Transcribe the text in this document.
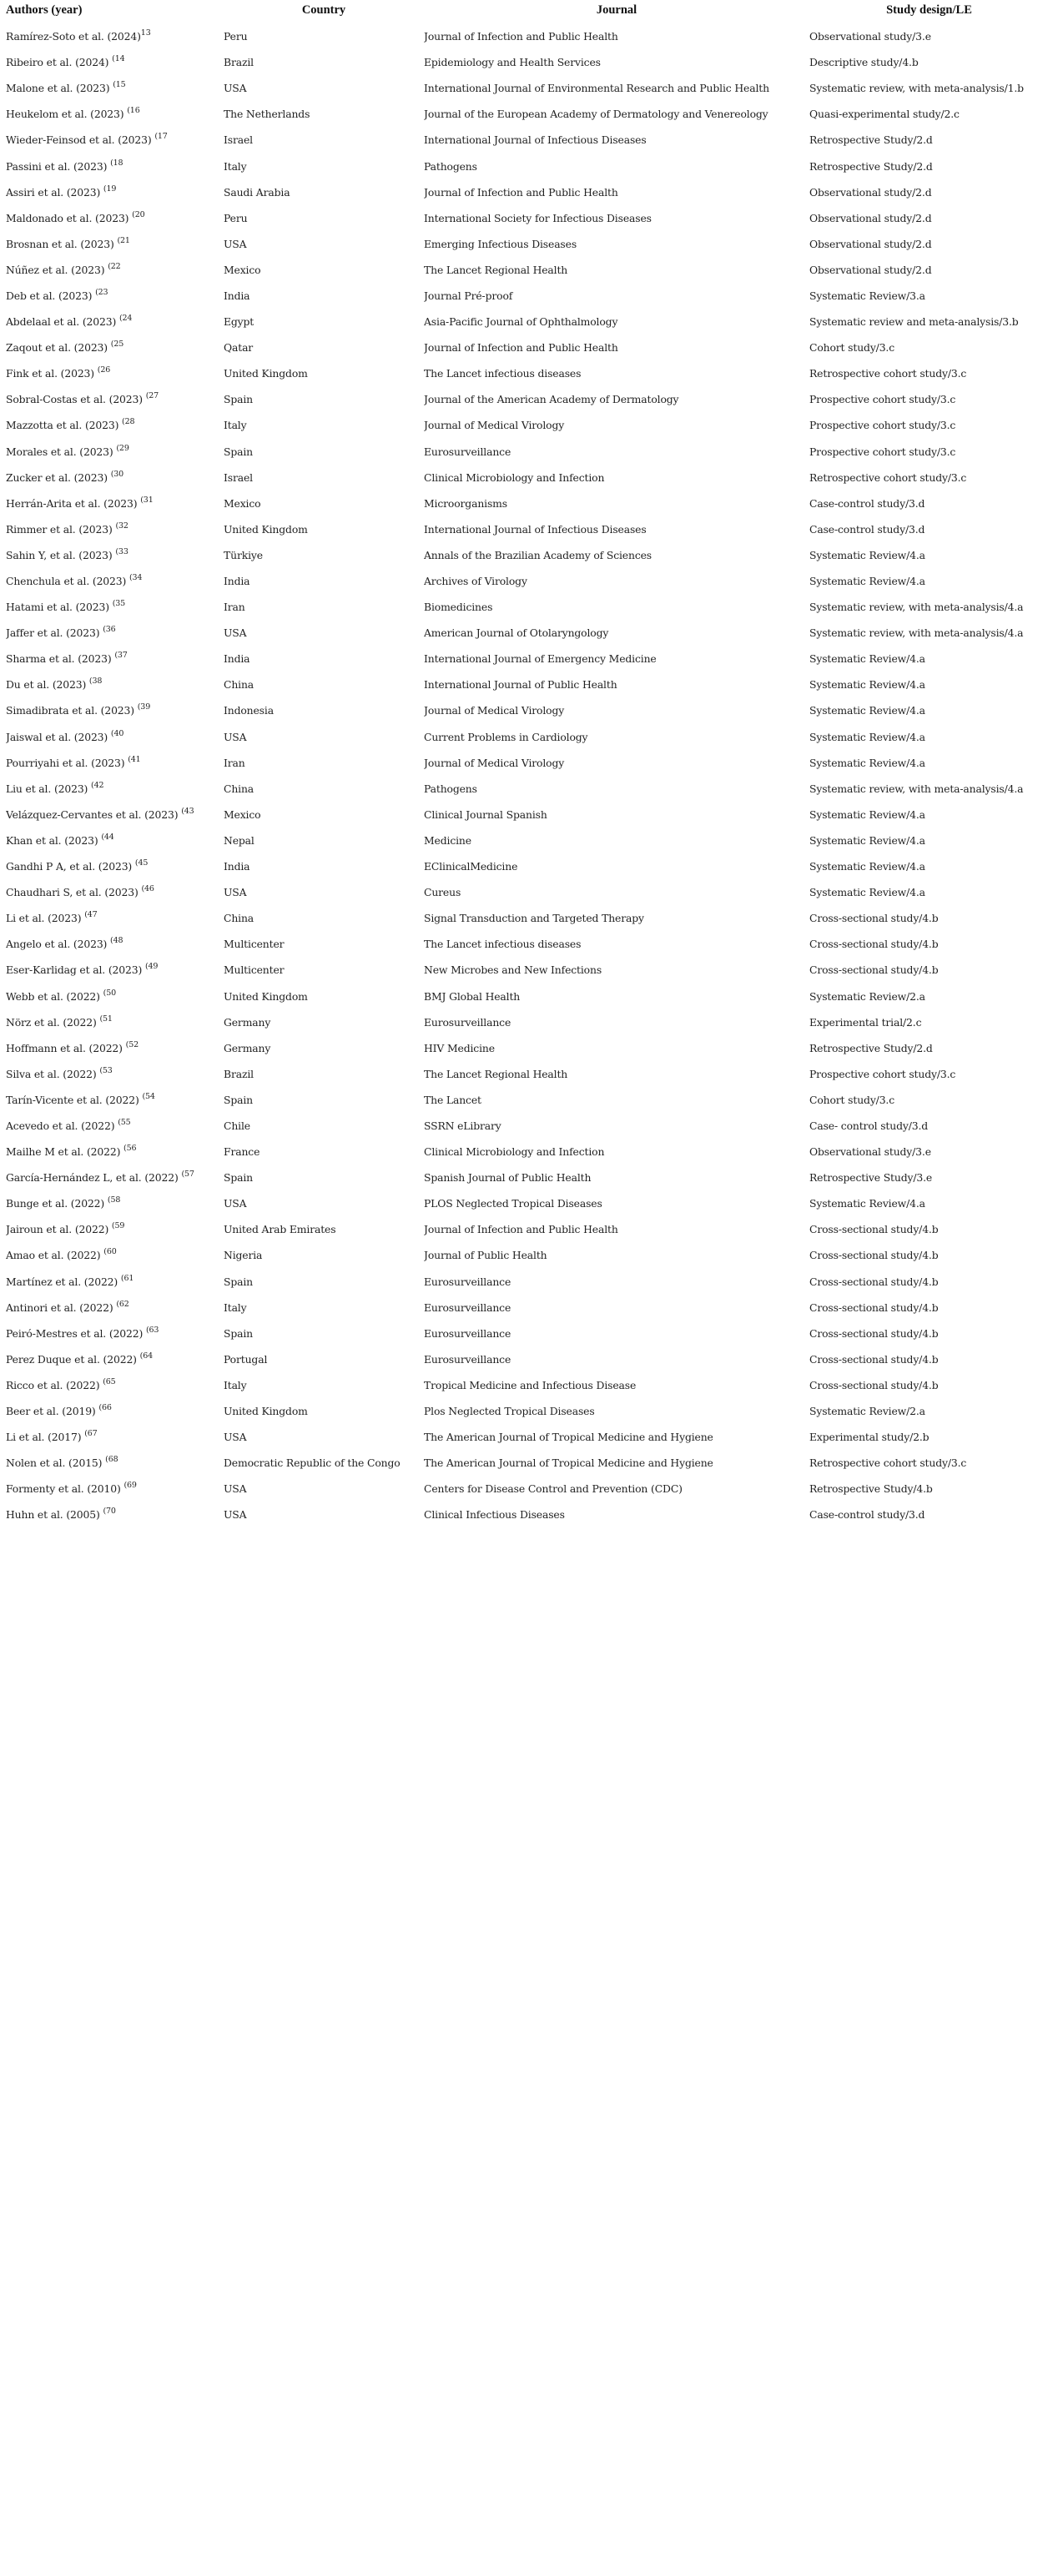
Authors (year)	Country	Journal	Study design/LE
Ramírez-Soto et al. $(2024)^{13}$	Peru	Journal of Infection and Public Health	Observational study/3.e
Ribeiro et al. (2024) $^{(14}$	Brazil	Epidemiology and Health Services	Descriptive study/4.b
Malone et al. (2023) $^{(15}$	USA	International Journal of Environmental Research and Public Health	Systematic review, with meta-analysis/1.b
Heukelom et al. (2023) $^{(16}$	The Netherlands	Journal of the European Academy of Dermatology and Venereology	Quasi-experimental study/2.c
Wieder-Feinsod et al. (2023) $^{(17}$	Israel	International Journal of Infectious Diseases	Retrospective Study/2.d
Passini et al. (2023) $^{(18}$	Italy	Pathogens	Retrospective Study/2.d
Assiri et al. (2023) $^{(19}$	Saudi Arabia	Journal of Infection and Public Health	Observational study/2.d
Maldonado et al. (2023) $^{(20}$	Peru	International Society for Infectious Diseases	Observational study/2.d
Brosnan et al. (2023) $^{(21}$	USA	Emerging Infectious Diseases	Observational study/2.d
Núñez et al. (2023) $^{(22}$	Mexico	The Lancet Regional Health	Observational study/2.d
Deb et al. (2023) $^{(23}$	India	Journal Pré-proof	Systematic Review/3.a
Abdelaal et al. (2023) $^{(24}$	Egypt	Asia-Pacific Journal of Ophthalmology	Systematic review and meta-analysis/3.b
Zaqout et al. (2023) $^{(25}$	Qatar	Journal of Infection and Public Health	Cohort study/3.c
Fink et al. (2023) $^{(26}$	United Kingdom	The Lancet infectious diseases	Retrospective cohort study/3.c
Sobral-Costas et al. (2023) $^{(27}$	Spain	Journal of the American Academy of Dermatology	Prospective cohort study/3.c
Mazzotta et al. (2023) $^{(28}$	Italy	Journal of Medical Virology	Prospective cohort study/3.c
Morales et al. (2023) $^{(29}$	Spain	Eurosurveillance	Prospective cohort study/3.c
Zucker et al. (2023) $^{(30}$	Israel	Clinical Microbiology and Infection	Retrospective cohort study/3.c
Herrán-Arita et al. (2023) $^{(31}$	Mexico	Microorganisms	Case-control study/3.d
Rimmer et al. (2023) $^{(32}$	United Kingdom	International Journal of Infectious Diseases	Case-control study/3.d
Sahin Y, et al. (2023) $^{(33}$	Türkiye	Annals of the Brazilian Academy of Sciences	Systematic Review/4.a
Chenchula et al. (2023) $^{(34}$	India	Archives of Virology	Systematic Review/4.a
Hatami et al. (2023) $^{(35}$	Iran	Biomedicines	Systematic review, with meta-analysis/4.a
Jaffer et al. (2023) $^{(36}$	USA	American Journal of Otolaryngology	Systematic review, with meta-analysis/4.a
Sharma et al. (2023) $^{(37}$	India	International Journal of Emergency Medicine	Systematic Review/4.a
Du et al. (2023) $^{(38}$	China	International Journal of Public Health	Systematic Review/4.a
Simadibrata et al. (2023) $^{(39}$	Indonesia	Journal of Medical Virology	Systematic Review/4.a
Jaiswal et al. (2023) $^{(40}$	USA	Current Problems in Cardiology	Systematic Review/4.a
Pourriyahi et al. (2023) $^{(41}$	Iran	Journal of Medical Virology	Systematic Review/4.a
Liu et al. (2023) $^{(42}$	China	Pathogens	Systematic review, with meta-analysis/4.a
Velázquez-Cervantes et al. (2023) $^{(43}$	Mexico	Clinical Journal Spanish	Systematic Review/4.a
Khan et al. (2023) $^{(44}$	Nepal	Medicine	Systematic Review/4.a
Gandhi P A, et al. (2023) $^{(45}$	India	EClinicalMedicine	Systematic Review/4.a
Chaudhari S, et al. (2023) $^{(46}$	USA	Cureus	Systematic Review/4.a
Li et al. (2023) $^{(47}$	China	Signal Transduction and Targeted Therapy	Cross-sectional study/4.b
Angelo et al. (2023) $^{(48}$	Multicenter	The Lancet infectious diseases	Cross-sectional study/4.b
Eser-Karlidag et al. (2023) $^{(49}$	Multicenter	New Microbes and New Infections	Cross-sectional study/4.b
Webb et al. (2022) $^{(50}$	United Kingdom	BMJ Global Health	Systematic Review/2.a
Nörz et al. (2022) $^{(51}$	Germany	Eurosurveillance	Experimental trial/2.c
Hoffmann et al. (2022) $^{(52}$	Germany	HIV Medicine	Retrospective Study/2.d
Silva et al. (2022) $^{(53}$	Brazil	The Lancet Regional Health	Prospective cohort study/3.c
Tarín-Vicente et al. (2022) $^{(54}$	Spain	The Lancet	Cohort study/3.c
Acevedo et al. (2022) $^{(55}$	Chile	SSRN eLibrary	Case- control study/3.d
Mailhe M et al. (2022) $^{(56}$	France	Clinical Microbiology and Infection	Observational study/3.e
García-Hernández L, et al. (2022) $^{(57}$	Spain	Spanish Journal of Public Health	Retrospective Study/3.e
Bunge et al. (2022) $^{(58}$	USA	PLOS Neglected Tropical Diseases	Systematic Review/4.a
Jairoun et al. (2022) $^{(59}$	United Arab Emirates	Journal of Infection and Public Health	Cross-sectional study/4.b
Amao et al. (2022) $^{(60}$	Nigeria	Journal of Public Health	Cross-sectional study/4.b
Martínez et al. (2022) $^{(61}$	Spain	Eurosurveillance	Cross-sectional study/4.b
Antinori et al. (2022) $^{(62}$	Italy	Eurosurveillance	Cross-sectional study/4.b
Peiró-Mestres et al. (2022) $^{(63}$	Spain	Eurosurveillance	Cross-sectional study/4.b
Perez Duque et al. (2022) $^{(64}$	Portugal	Eurosurveillance	Cross-sectional study/4.b
Ricco et al. (2022) $^{(65}$	Italy	Tropical Medicine and Infectious Disease	Cross-sectional study/4.b
Beer et al. (2019) $^{(66}$	United Kingdom	Plos Neglected Tropical Diseases	Systematic Review/2.a
Li et al. (2017) $^{(67}$	USA	The American Journal of Tropical Medicine and Hygiene	Experimental study/2.b
Nolen et al. (2015) $^{(68}$	Democratic Republic of the Congo	The American Journal of Tropical Medicine and Hygiene	Retrospective cohort study/3.c
Formenty et al. (2010) $^{(69}$	USA	Centers for Disease Control and Prevention (CDC)	Retrospective Study/4.b
Huhn et al. (2005) $^{(70}$	USA	Clinical Infectious Diseases	Case-control study/3.d
